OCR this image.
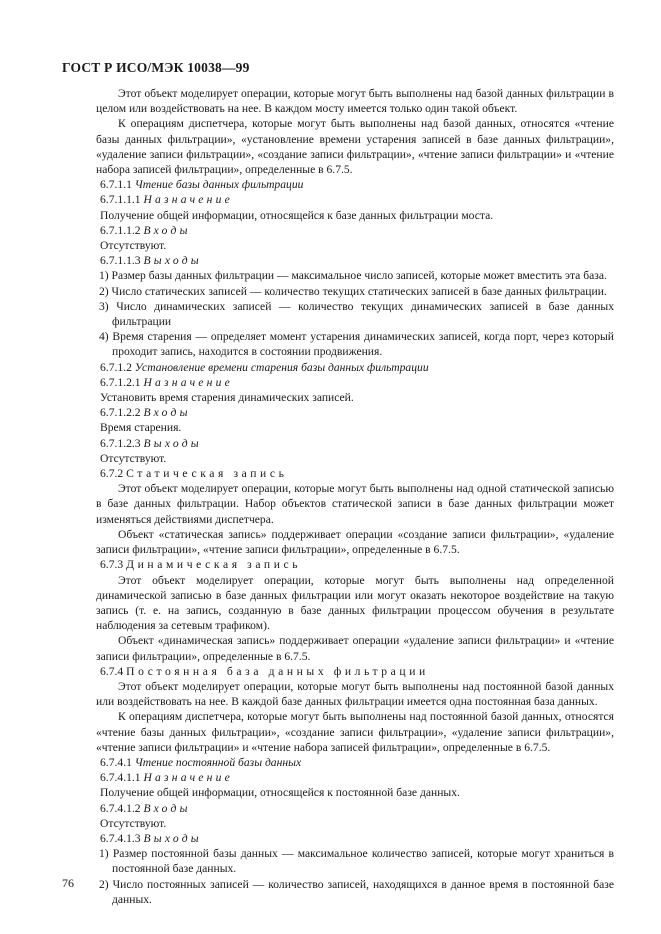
ГОСТ Р ИСО/МЭК 10038—99

Этот объект моделирует операции, которые могут быть выполнены над базой данных фильтрации в целом или воздействовать на нее. В каждом мосту имеется только один такой объект.

К операциям диспетчера, которые могут быть выполнены над базой данных, относятся «чтение базы данных фильтрации», «установление времени устарения записей в базе данных фильтрации», «удаление записи фильтрации», «создание записи фильтрации», «чтение записи фильтрации» и «чтение набора записей фильтрации», определенные в 6.7.5.

6.7.1.1 Чтение базы данных фильтрации

6.7.1.1.1 Назначение

Получение общей информации, относящейся к базе данных фильтрации моста.

6.7.1.1.2 Входы

Отсутствуют.

6.7.1.1.3 Выходы

1) Размер базы данных фильтрации — максимальное число записей, которые может вместить эта база.

2) Число статических записей — количество текущих статических записей в базе данных фильтрации.

3) Число динамических записей — количество текущих динамических записей в базе данных фильтрации

4) Время старения — определяет момент устарения динамических записей, когда порт, через который проходит запись, находится в состоянии продвижения.

6.7.1.2 Установление времени старения базы данных фильтрации

6.7.1.2.1 Назначение

Установить время старения динамических записей.

6.7.1.2.2 Входы

Время старения.

6.7.1.2.3 Выходы

Отсутствуют.

6.7.2 Статическая запись

Этот объект моделирует операции, которые могут быть выполнены над одной статической записью в базе данных фильтрации. Набор объектов статической записи в базе данных фильтрации может изменяться действиями диспетчера.

Объект «статическая запись» поддерживает операции «создание записи фильтрации», «удаление записи фильтрации», «чтение записи фильтрации», определенные в 6.7.5.

6.7.3 Динамическая запись

Этот объект моделирует операции, которые могут быть выполнены над определенной динамической записью в базе данных фильтрации или могут оказать некоторое воздействие на такую запись (т. е. на запись, созданную в базе данных фильтрации процессом обучения в результате наблюдения за сетевым трафиком).

Объект «динамическая запись» поддерживает операции «удаление записи фильтрации» и «чтение записи фильтрации», определенные в 6.7.5.

6.7.4 Постоянная база данных фильтрации

Этот объект моделирует операции, которые могут быть выполнены над постоянной базой данных или воздействовать на нее. В каждой базе данных фильтрации имеется одна постоянная база данных.

К операциям диспетчера, которые могут быть выполнены над постоянной базой данных, относятся «чтение базы данных фильтрации», «создание записи фильтрации», «удаление записи фильтрации», «чтение записи фильтрации» и «чтение набора записей фильтрации», определенные в 6.7.5.

6.7.4.1 Чтение постоянной базы данных

6.7.4.1.1 Назначение

Получение общей информации, относящейся к постоянной базе данных.

6.7.4.1.2 Входы

Отсутствуют.

6.7.4.1.3 Выходы

1) Размер постоянной базы данных — максимальное количество записей, которые могут храниться в постоянной базе данных.

2) Число постоянных записей — количество записей, находящихся в данное время в постоянной базе данных.

76
